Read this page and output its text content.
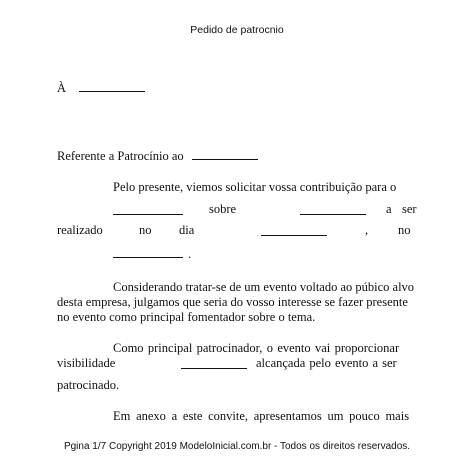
Pedido de patrocnio
À
Referente a Patrocínio ao
Pelo presente, viemos solicitar vossa contribuição para o
sobre	a ser
realizado	no dia	, no
.
Considerando tratar-se de um evento voltado ao púbico alvo
desta empresa, julgamos que seria do vosso interesse se fazer presente
no evento como principal fomentador sobre o tema.
Como principal patrocinador, o evento vai proporcionar
visibilidade	alcançada pelo evento a ser
patrocinado.
Em anexo a este convite, apresentamos um pouco mais
Pgina 1/7 Copyright 2019 ModeloInicial.com.br - Todos os direitos reservados.
